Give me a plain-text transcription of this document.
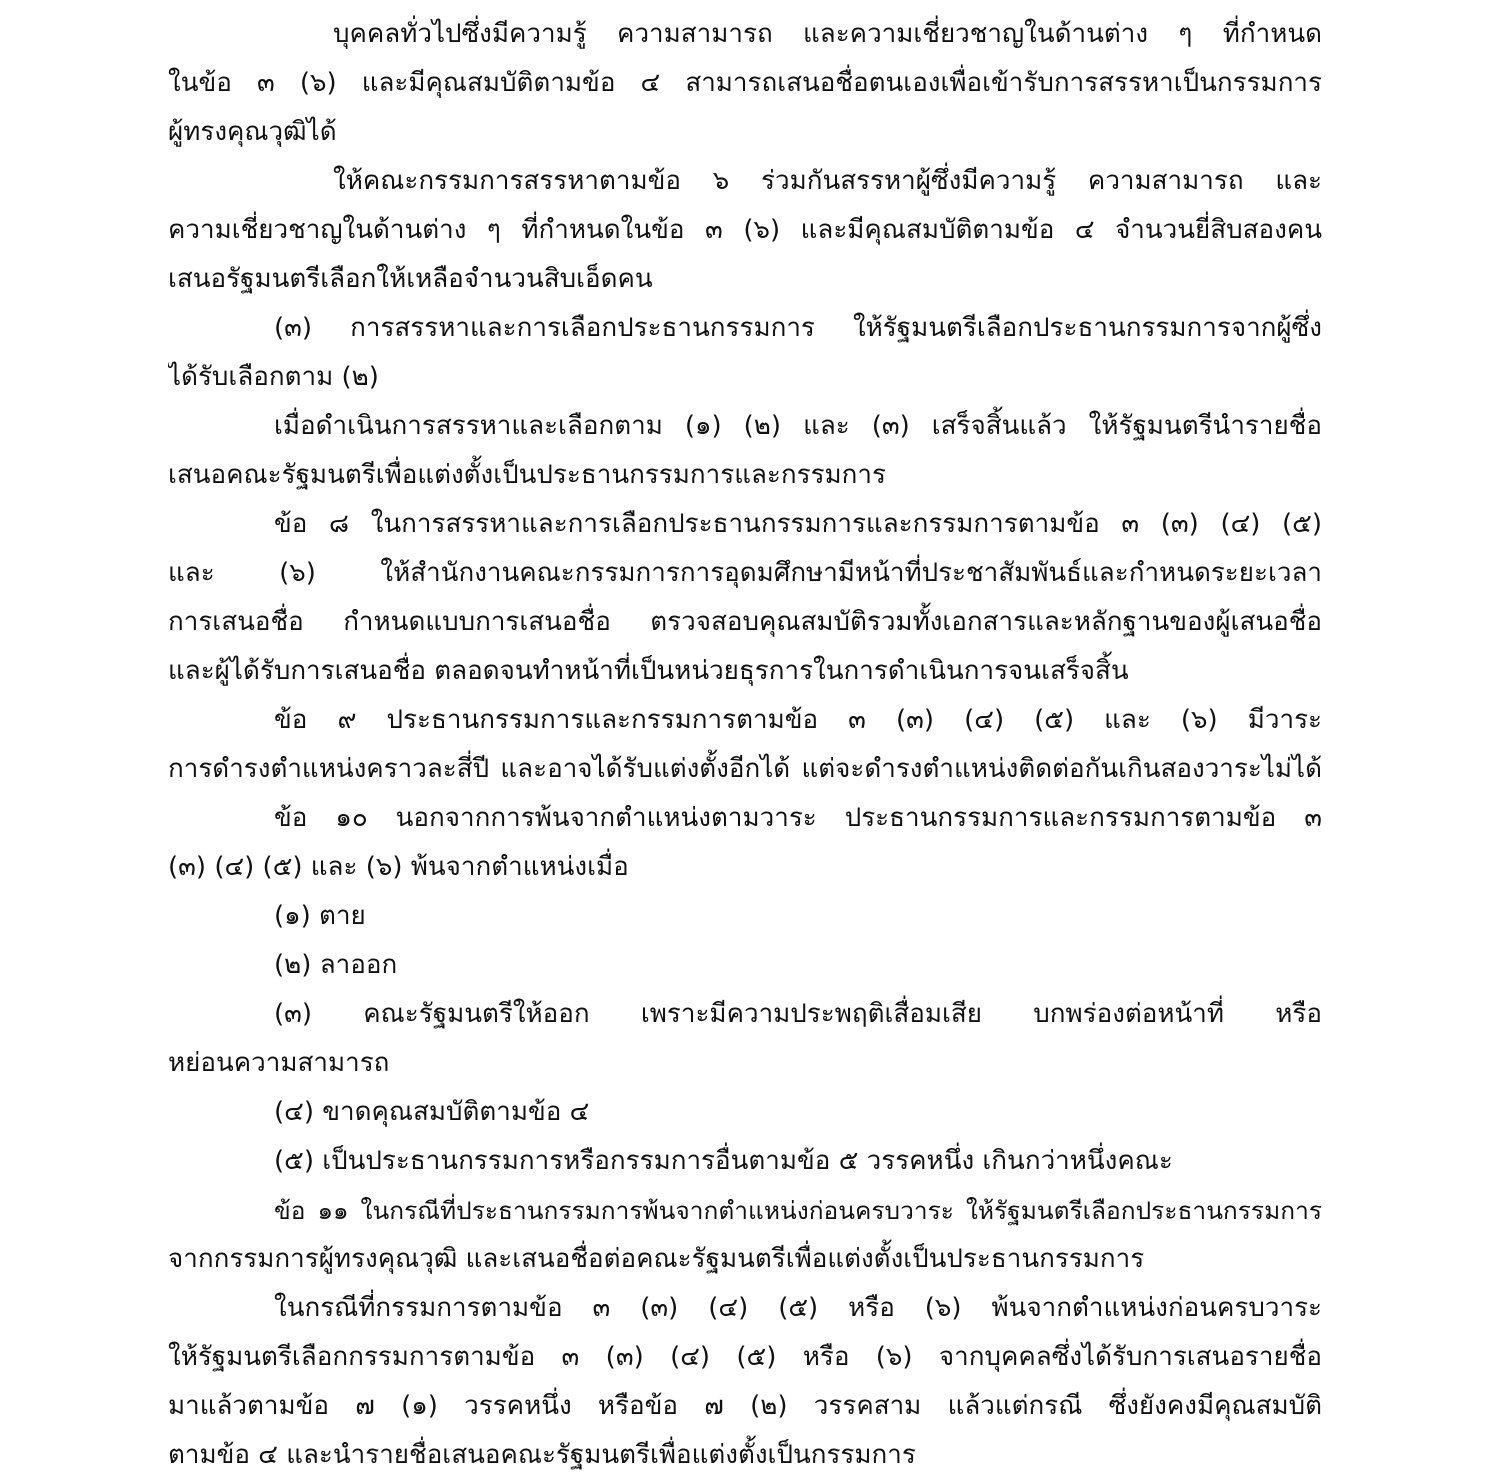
บุคคลทั่วไปซึ่งมีความรู้ ความสามารถ และความเชี่ยวชาญในด้านต่าง ๆ ที่กำหนด
ในข้อ ๓ (๖) และมีคุณสมบัติตามข้อ ๔ สามารถเสนอชื่อตนเองเพื่อเข้ารับการสรรหาเป็นกรรมการ
ผู้ทรงคุณวุฒิได้
ให้คณะกรรมการสรรหาตามข้อ ๖ ร่วมกันสรรหาผู้ซึ่งมีความรู้ ความสามารถ และ
ความเชี่ยวชาญในด้านต่าง ๆ ที่กำหนดในข้อ ๓ (๖) และมีคุณสมบัติตามข้อ ๔ จำนวนยี่สิบสองคน
เสนอรัฐมนตรีเลือกให้เหลือจำนวนสิบเอ็ดคน
(๓) การสรรหาและการเลือกประธานกรรมการ ให้รัฐมนตรีเลือกประธานกรรมการจากผู้ซึ่ง
ได้รับเลือกตาม (๒)
เมื่อดำเนินการสรรหาและเลือกตาม (๑) (๒) และ (๓) เสร็จสิ้นแล้ว ให้รัฐมนตรีนำรายชื่อ
เสนอคณะรัฐมนตรีเพื่อแต่งตั้งเป็นประธานกรรมการและกรรมการ
ข้อ ๘ ในการสรรหาและการเลือกประธานกรรมการและกรรมการตามข้อ ๓ (๓) (๔) (๕)
และ (๖) ให้สำนักงานคณะกรรมการการอุดมศึกษามีหน้าที่ประชาสัมพันธ์และกำหนดระยะเวลา
การเสนอชื่อ กำหนดแบบการเสนอชื่อ ตรวจสอบคุณสมบัติรวมทั้งเอกสารและหลักฐานของผู้เสนอชื่อ
และผู้ได้รับการเสนอชื่อ ตลอดจนทำหน้าที่เป็นหน่วยธุรการในการดำเนินการจนเสร็จสิ้น
ข้อ ๙ ประธานกรรมการและกรรมการตามข้อ ๓ (๓) (๔) (๕) และ (๖) มีวาระ
การดำรงตำแหน่งคราวละสี่ปี และอาจได้รับแต่งตั้งอีกได้ แต่จะดำรงตำแหน่งติดต่อกันเกินสองวาระไม่ได้
ข้อ ๑๐ นอกจากการพ้นจากตำแหน่งตามวาระ ประธานกรรมการและกรรมการตามข้อ ๓
(๓) (๔) (๕) และ (๖) พ้นจากตำแหน่งเมื่อ
(๑) ตาย
(๒) ลาออก
(๓) คณะรัฐมนตรีให้ออก เพราะมีความประพฤติเสื่อมเสีย บกพร่องต่อหน้าที่ หรือ
หย่อนความสามารถ
(๔) ขาดคุณสมบัติตามข้อ ๔
(๕) เป็นประธานกรรมการหรือกรรมการอื่นตามข้อ ๕ วรรคหนึ่ง เกินกว่าหนึ่งคณะ
ข้อ ๑๑ ในกรณีที่ประธานกรรมการพ้นจากตำแหน่งก่อนครบวาระ ให้รัฐมนตรีเลือกประธานกรรมการ
จากกรรมการผู้ทรงคุณวุฒิ และเสนอชื่อต่อคณะรัฐมนตรีเพื่อแต่งตั้งเป็นประธานกรรมการ
ในกรณีที่กรรมการตามข้อ ๓ (๓) (๔) (๕) หรือ (๖) พ้นจากตำแหน่งก่อนครบวาระ
ให้รัฐมนตรีเลือกกรรมการตามข้อ ๓ (๓) (๔) (๕) หรือ (๖) จากบุคคลซึ่งได้รับการเสนอรายชื่อ
มาแล้วตามข้อ ๗ (๑) วรรคหนึ่ง หรือข้อ ๗ (๒) วรรคสาม แล้วแต่กรณี ซึ่งยังคงมีคุณสมบัติ
ตามข้อ ๔ และนำรายชื่อเสนอคณะรัฐมนตรีเพื่อแต่งตั้งเป็นกรรมการ
